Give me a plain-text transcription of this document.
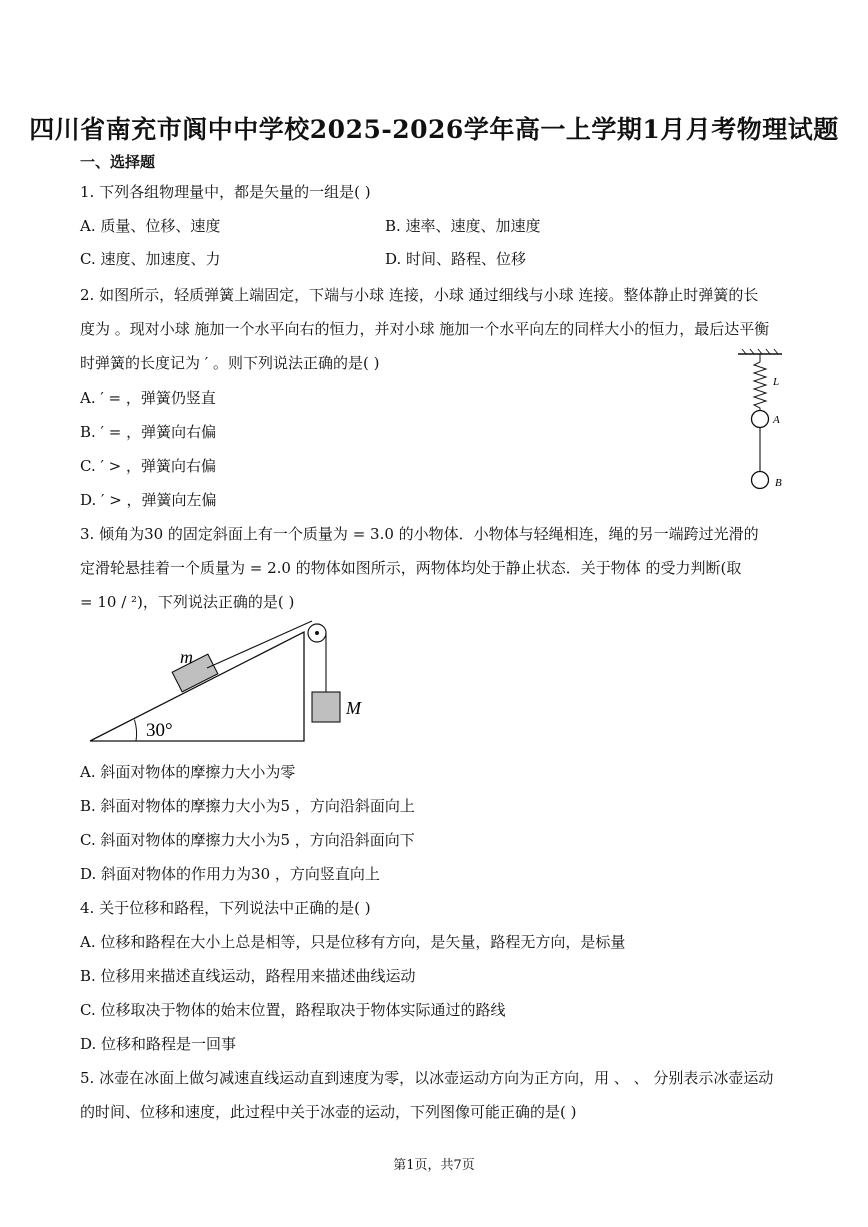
四川省南充市阆中中学校2025-2026学年高一上学期1月月考物理试题
一、选择题
1. 下列各组物理量中，都是矢量的一组是( )
A. 质量、位移、速度	B. 速率、速度、加速度
C. 速度、加速度、力	D. 时间、路程、位移
2. 如图所示，轻质弹簧上端固定，下端与小球 连接，小球 通过细线与小球 连接。整体静止时弹簧的长
度为 。现对小球 施加一个水平向右的恒力，并对小球 施加一个水平向左的同样大小的恒力，最后达平衡
时弹簧的长度记为 ′ 。则下列说法正确的是( )
A. ′ = ，弹簧仍竖直
B. ′ = ，弹簧向右偏
C. ′ > ，弹簧向右偏
D. ′ > ，弹簧向左偏
L
A
B
3. 倾角为30 的固定斜面上有一个质量为 = 3.0 的小物体．小物体与轻绳相连，绳的另一端跨过光滑的
定滑轮悬挂着一个质量为 = 2.0 的物体如图所示，两物体均处于静止状态．关于物体 的受力判断(取
= 10 / ²)，下列说法正确的是( )
30°
m
M
A. 斜面对物体的摩擦力大小为零
B. 斜面对物体的摩擦力大小为5 ，方向沿斜面向上
C. 斜面对物体的摩擦力大小为5 ，方向沿斜面向下
D. 斜面对物体的作用力为30 ，方向竖直向上
4. 关于位移和路程，下列说法中正确的是( )
A. 位移和路程在大小上总是相等，只是位移有方向，是矢量，路程无方向，是标量
B. 位移用来描述直线运动，路程用来描述曲线运动
C. 位移取决于物体的始末位置，路程取决于物体实际通过的路线
D. 位移和路程是一回事
5. 冰壶在冰面上做匀减速直线运动直到速度为零，以冰壶运动方向为正方向，用 、 、 分别表示冰壶运动
的时间、位移和速度，此过程中关于冰壶的运动，下列图像可能正确的是( )
第1页，共7页
